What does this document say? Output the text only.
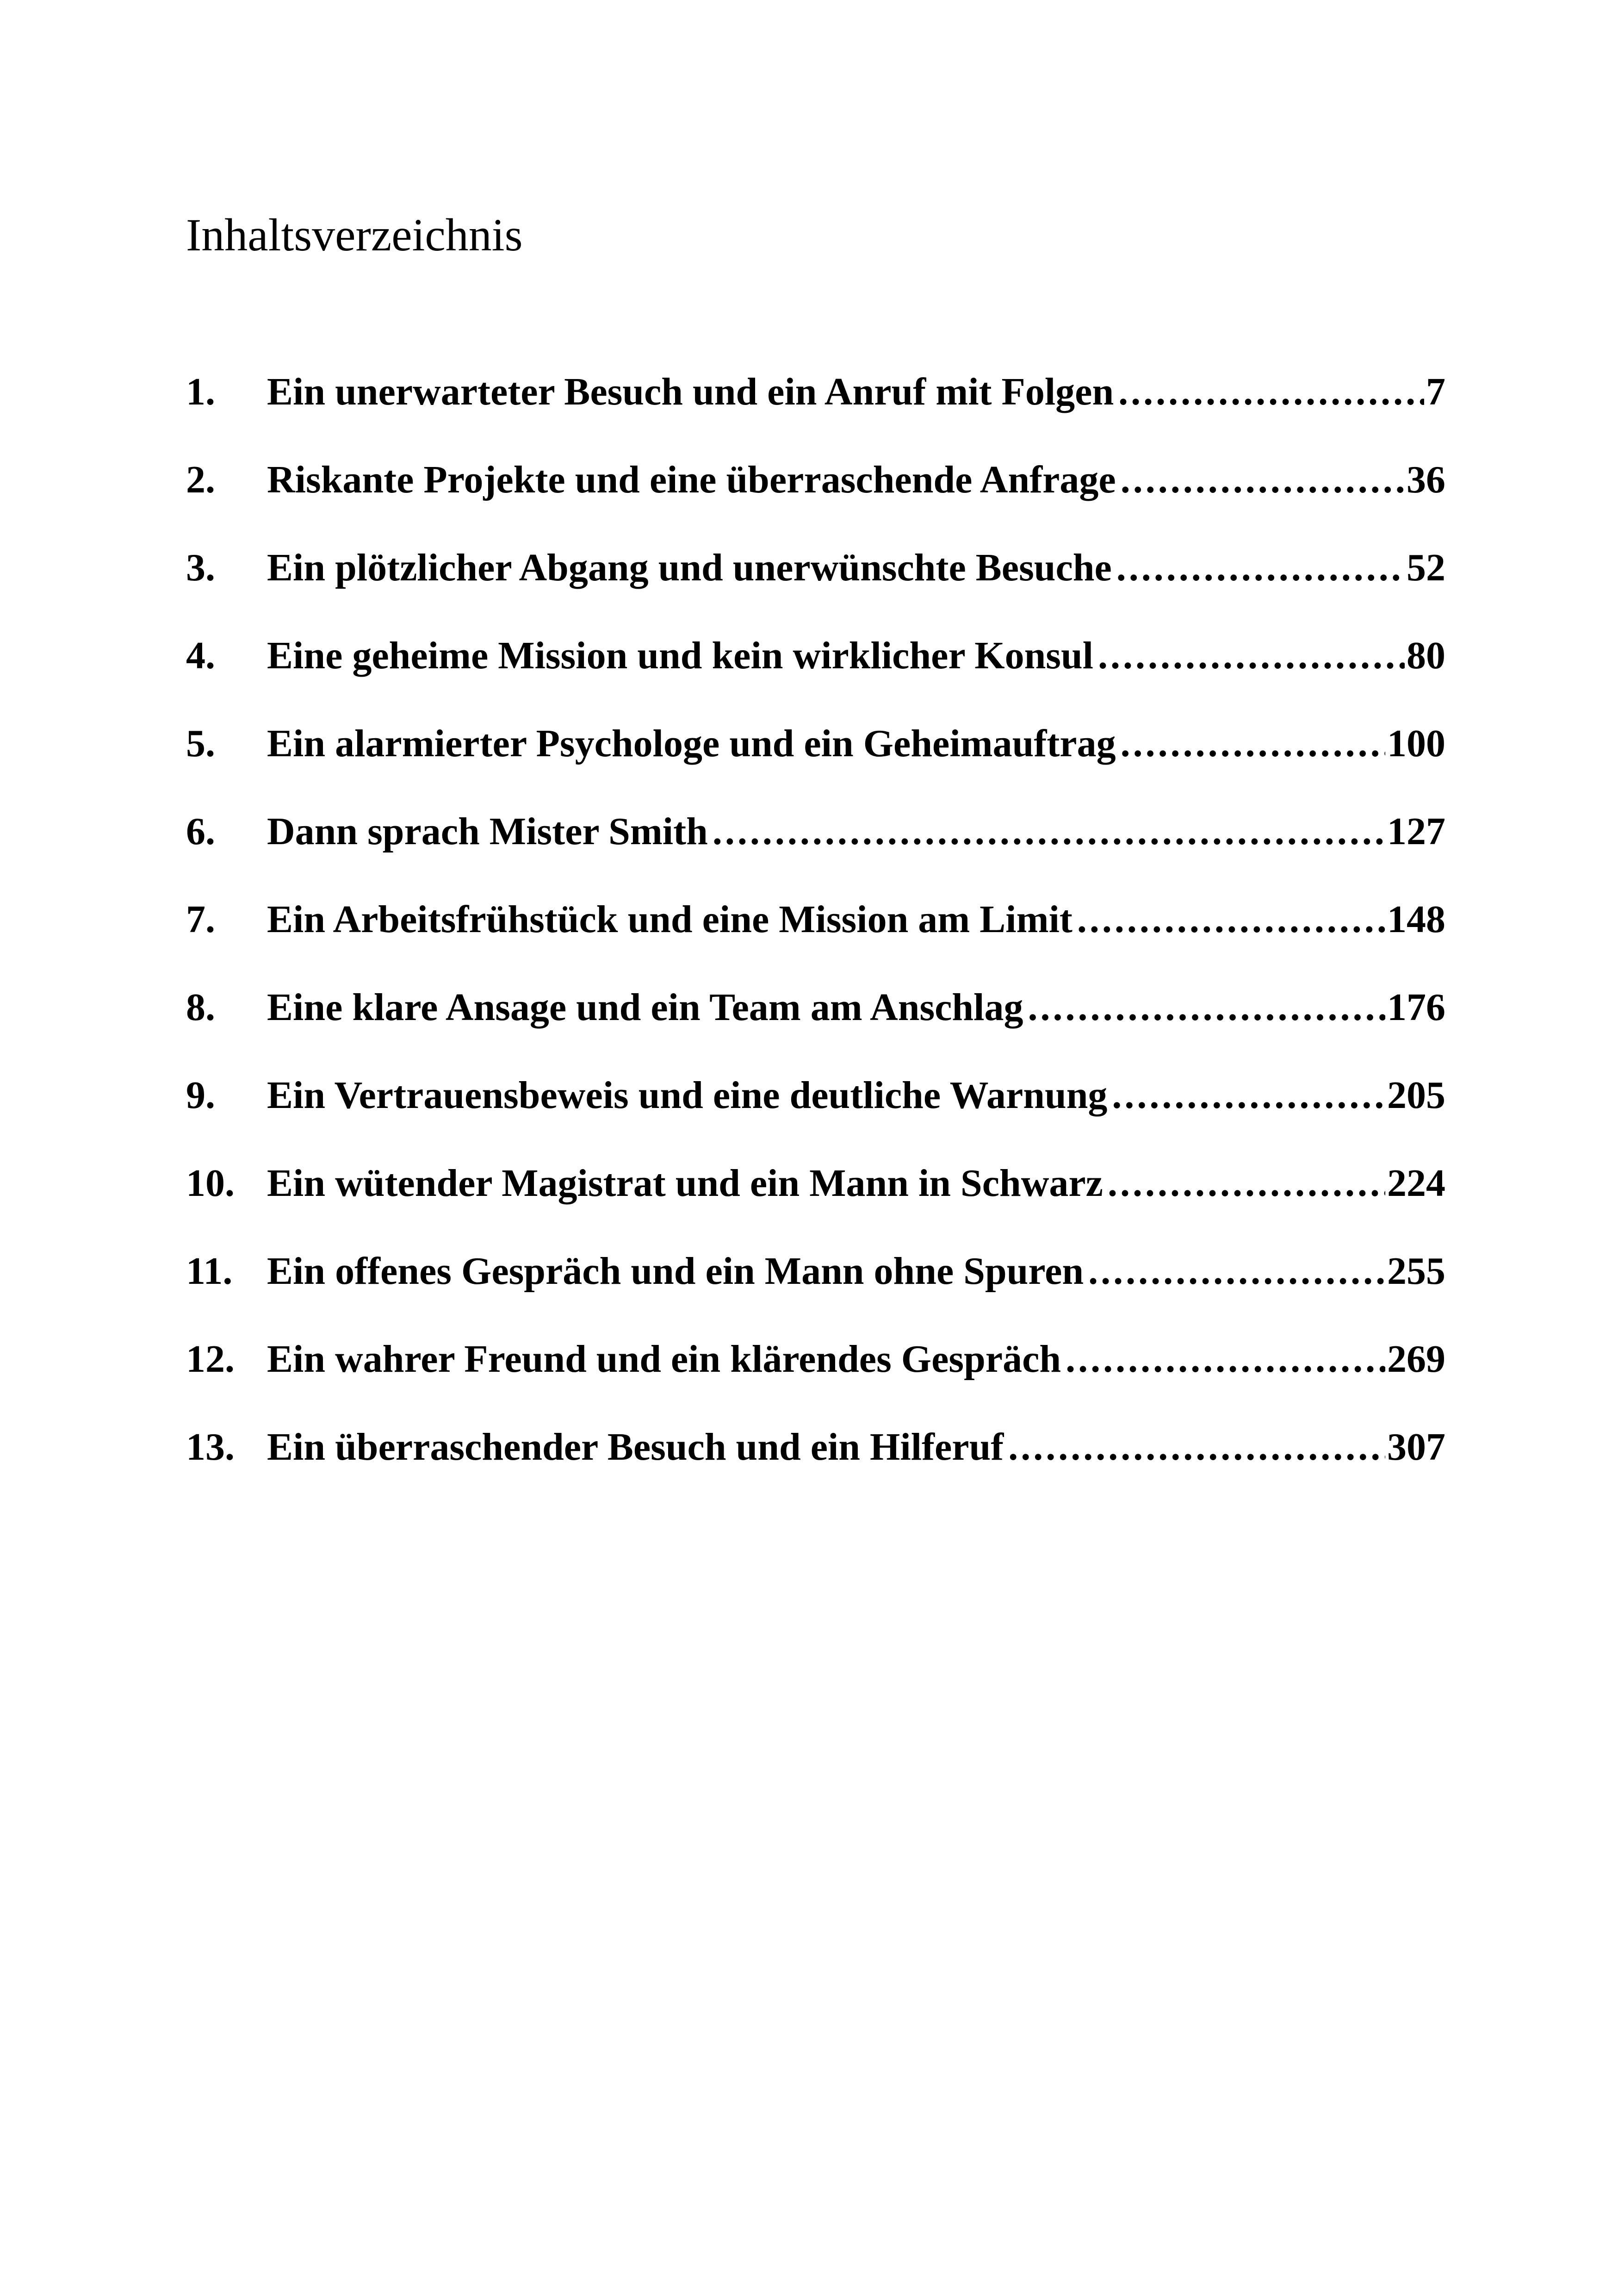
Inhaltsverzeichnis
1.	Ein unerwarteter Besuch und ein Anruf mit Folgen .....	7
2.	Riskante Projekte und eine überraschende Anfrage .....	36
3.	Ein plötzlicher Abgang und unerwünschte Besuche .....	52
4.	Eine geheime Mission und kein wirklicher Konsul .....	80
5.	Ein alarmierter Psychologe und ein Geheimauftrag .....	100
6.	Dann sprach Mister Smith .....	127
7.	Ein Arbeitsfrühstück und eine Mission am Limit .....	148
8.	Eine klare Ansage und ein Team am Anschlag .....	176
9.	Ein Vertrauensbeweis und eine deutliche Warnung .....	205
10. Ein wütender Magistrat und ein Mann in Schwarz .....	224
11. Ein offenes Gespräch und ein Mann ohne Spuren .....	255
12. Ein wahrer Freund und ein klärendes Gespräch .....	269
13. Ein überraschender Besuch und ein Hilferuf .....	307
